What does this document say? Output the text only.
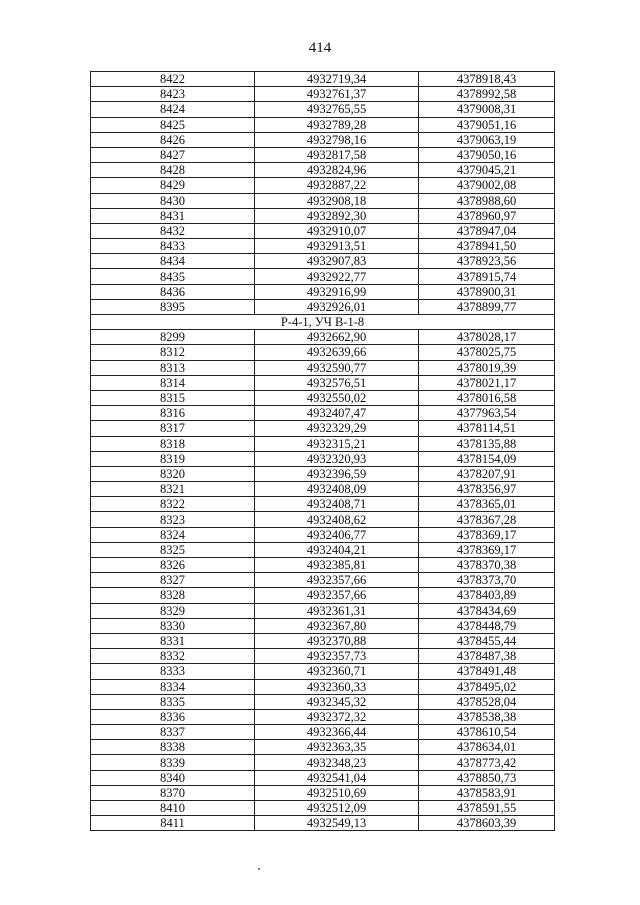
414
8422	4932719,34	4378918,43
8423	4932761,37	4378992,58
8424	4932765,55	4379008,31
8425	4932789,28	4379051,16
8426	4932798,16	4379063,19
8427	4932817,58	4379050,16
8428	4932824,96	4379045,21
8429	4932887,22	4379002,08
8430	4932908,18	4378988,60
8431	4932892,30	4378960,97
8432	4932910,07	4378947,04
8433	4932913,51	4378941,50
8434	4932907,83	4378923,56
8435	4932922,77	4378915,74
8436	4932916,99	4378900,31
8395	4932926,01	4378899,77
Р-4-1, УЧ В-1-8		
8299	4932662,90	4378028,17
8312	4932639,66	4378025,75
8313	4932590,77	4378019,39
8314	4932576,51	4378021,17
8315	4932550,02	4378016,58
8316	4932407,47	4377963,54
8317	4932329,29	4378114,51
8318	4932315,21	4378135,88
8319	4932320,93	4378154,09
8320	4932396,59	4378207,91
8321	4932408,09	4378356,97
8322	4932408,71	4378365,01
8323	4932408,62	4378367,28
8324	4932406,77	4378369,17
8325	4932404,21	4378369,17
8326	4932385,81	4378370,38
8327	4932357,66	4378373,70
8328	4932357,66	4378403,89
8329	4932361,31	4378434,69
8330	4932367,80	4378448,79
8331	4932370,88	4378455,44
8332	4932357,73	4378487,38
8333	4932360,71	4378491,48
8334	4932360,33	4378495,02
8335	4932345,32	4378528,04
8336	4932372,32	4378538,38
8337	4932366,44	4378610,54
8338	4932363,35	4378634,01
8339	4932348,23	4378773,42
8340	4932541,04	4378850,73
8370	4932510,69	4378583,91
8410	4932512,09	4378591,55
8411	4932549,13	4378603,39
